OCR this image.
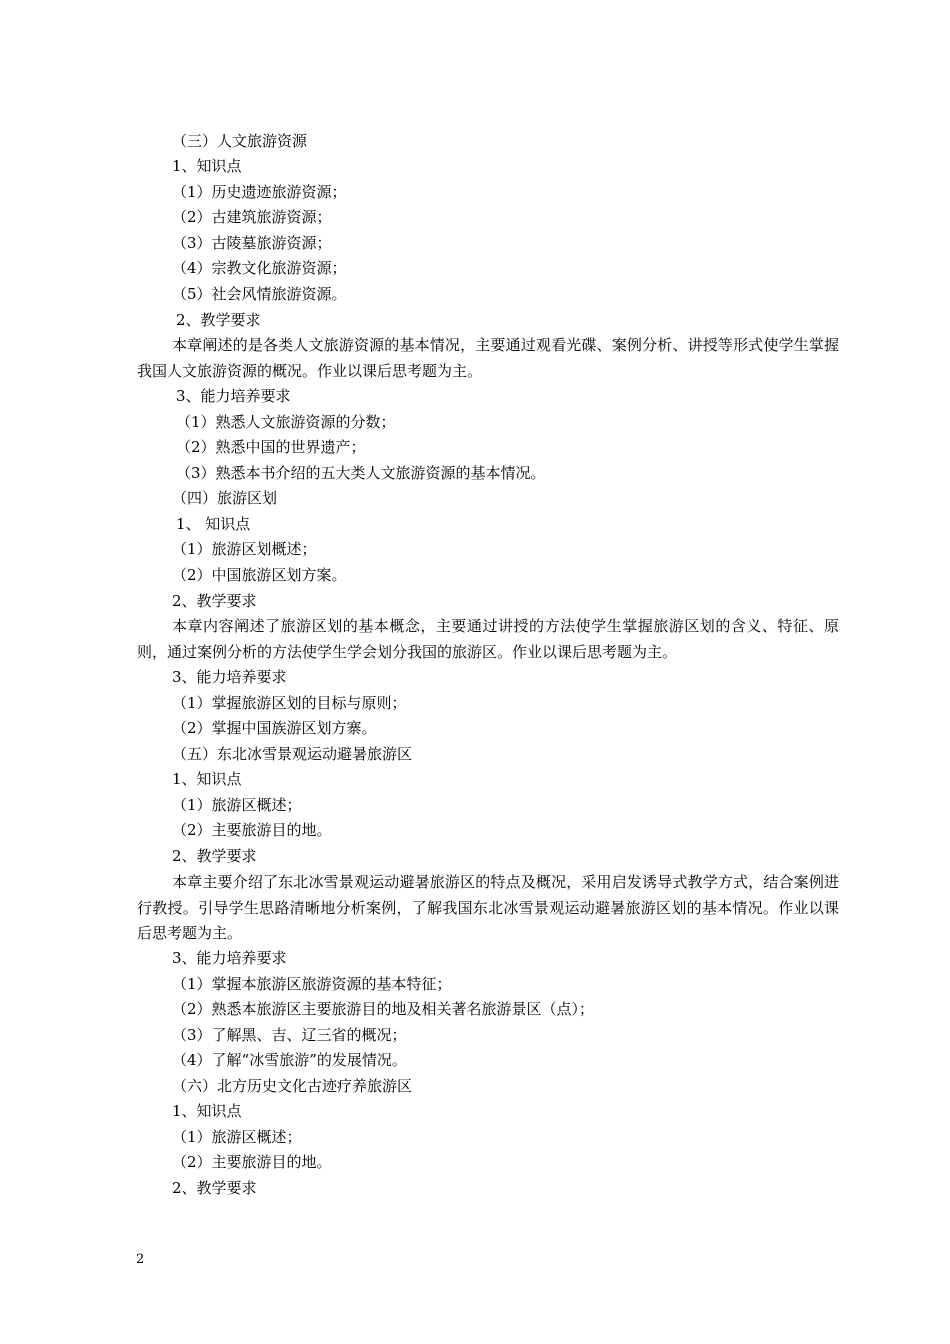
（三）人文旅游资源
1、知识点
（1）历史遗迹旅游资源；
（2）古建筑旅游资源；
（3）古陵墓旅游资源；
（4）宗教文化旅游资源；
（5）社会风情旅游资源。
2、教学要求
本章阐述的是各类人文旅游资源的基本情况，主要通过观看光碟、案例分析、讲授等形式使学生掌握我国人文旅游资源的概况。作业以课后思考题为主。
3、能力培养要求
（1）熟悉人文旅游资源的分数；
（2）熟悉中国的世界遗产；
（3）熟悉本书介绍的五大类人文旅游资源的基本情况。
（四）旅游区划
1、 知识点
（1）旅游区划概述；
（2）中国旅游区划方案。
2、教学要求
本章内容阐述了旅游区划的基本概念，主要通过讲授的方法使学生掌握旅游区划的含义、特征、原则，通过案例分析的方法使学生学会划分我国的旅游区。作业以课后思考题为主。
3、能力培养要求
（1）掌握旅游区划的目标与原则；
（2）掌握中国族游区划方寨。
（五）东北冰雪景观运动避暑旅游区
1、知识点
（1）旅游区概述；
（2）主要旅游目的地。
2、教学要求
本章主要介绍了东北冰雪景观运动避暑旅游区的特点及概况，采用启发诱导式教学方式，结合案例进行教授。引导学生思路清晰地分析案例，了解我国东北冰雪景观运动避暑旅游区划的基本情况。作业以课后思考题为主。
3、能力培养要求
（1）掌握本旅游区旅游资源的基本特征；
（2）熟悉本旅游区主要旅游目的地及相关著名旅游景区（点）；
（3）了解黑、吉、辽三省的概况；
（4）了解“冰雪旅游”的发展情况。
（六）北方历史文化古迹疗养旅游区
1、知识点
（1）旅游区概述；
（2）主要旅游目的地。
2、教学要求
2
